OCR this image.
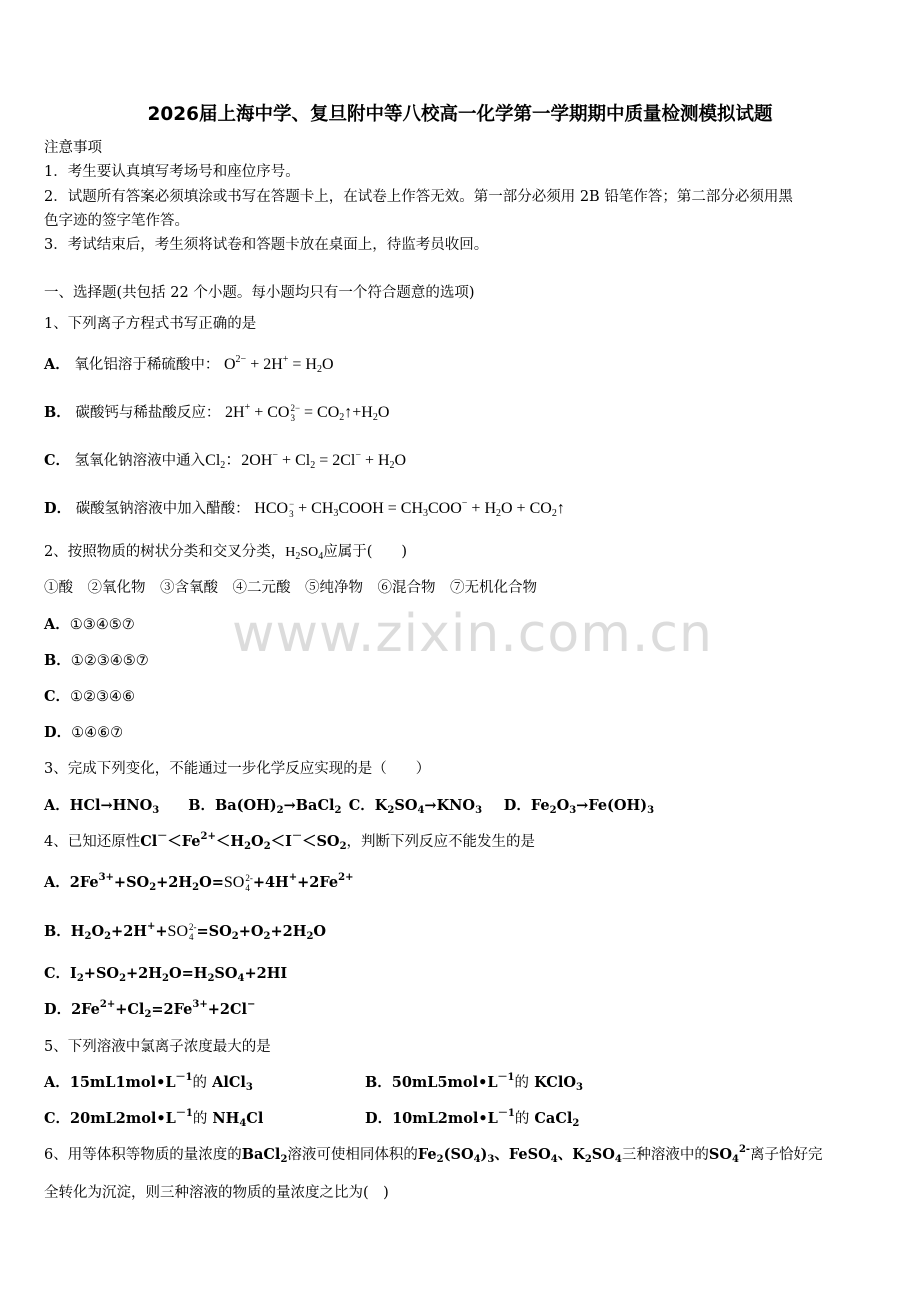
2026届上海中学、复旦附中等八校高一化学第一学期期中质量检测模拟试题
注意事项
1．考生要认真填写考场号和座位序号。
2．试题所有答案必须填涂或书写在答题卡上，在试卷上作答无效。第一部分必须用 2B 铅笔作答；第二部分必须用黑
色字迹的签字笔作答。
3．考试结束后，考生须将试卷和答题卡放在桌面上，待监考员收回。
一、选择题(共包括 22 个小题。每小题均只有一个符合题意的选项)
1、下列离子方程式书写正确的是
A． 氧化铝溶于稀硫酸中： $O^{2-} + 2H^+ = H_2O$
B． 碳酸钙与稀盐酸反应： 2H+ + CO 2−
$3 = CO_2↑+H_2O$
C． 氢氧化钠溶液中通入$Cl_2$：$2OH^- + Cl_2 = 2Cl^- + H_2O$
D． 碳酸氢钠溶液中加入醋酸： HCO −
$3 + CH_3COOH = CH_3COO^- + H_2O$ + $CO_2↑$
2、按照物质的树状分类和交叉分类，$H_2SO_4$应属于(　　)
①酸　②氧化物　③含氧酸　④二元酸　⑤纯净物　⑥混合物　⑦无机化合物
A．①③④⑤⑦
B．①②③④⑤⑦
C．①②③④⑥
D．①④⑥⑦
3、完成下列变化，不能通过一步化学反应实现的是（　　）
A．$HCl\to HNO_3$  B．$Ba(OH)_2\to BaCl_2$ C．$K_2SO_4\to KNO_3$  D．$Fe_2O_3\to Fe(OH)_3$
4、已知还原性$Cl^-<Fe^{2+}<H_2O_2<I^-<SO_2$，判断下列反应不能发生的是
A．$2Fe^{3+}+SO_2+2H_2O=SO$ 2-
$4 +4H^++2Fe^{2+}$
B．$H_2O_2+2H^++SO$ 2-
$4 =SO_2+O_2+2H_2O$
C．$I_2+SO_2+2H_2O=H_2SO_4+2HI$
D．$2Fe^{2+}+Cl_2=2Fe^{3+}+2Cl^-$
5、下列溶液中氯离子浓度最大的是
A．$15mL1mol•L^{-1}$的 AlCl$_3$	B．$50mL5mol•L^{-1}$的 KClO$_3$
C．$20mL2mol•L^{-1}$的 $NH_4Cl$	D．$10mL2mol•L^{-1}$的 CaCl$_2$
6、用等体积等物质的量浓度的BaCl$_2$溶液可使相同体积的$Fe_2(SO_4)_3$、FeSO$_4$、$K_2SO_4$三种溶液中的$SO_4^{2-}$离子恰好完
全转化为沉淀，则三种溶液的物质的量浓度之比为(　)
www.zixin.com.cn
